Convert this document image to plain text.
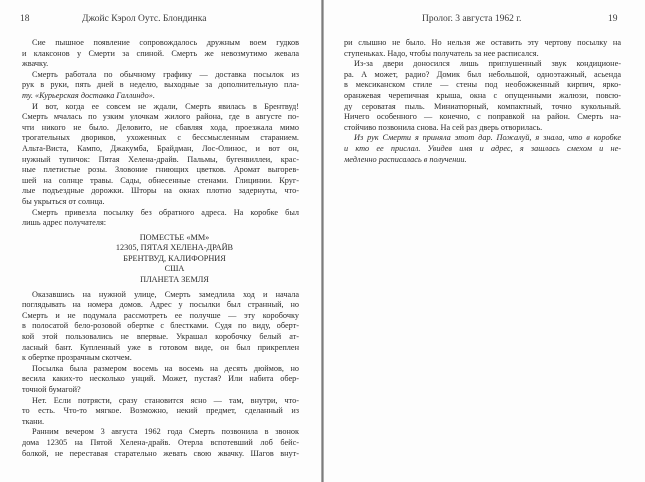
18	Джойс Кэрол Оутс. Блондинка
Сие пышное появление сопровождалось дружным воем гудков
и клаксонов у Смерти за спиной. Смерть же невозмутимо жевала
жвачку.
Смерть работала по обычному графику — доставка посылок из
рук в руки, пять дней в неделю, выходные за дополнительную пла-
ту. «Курьерская доставка Галлиндо».
И вот, когда ее совсем не ждали, Смерть явилась в Брентвуд!
Смерть мчалась по узким улочкам жилого района, где в августе по-
чти никого не было. Деловито, не сбавляя хода, проезжала мимо
трогательных двориков, ухоженных с бессмысленным старанием.
Альта-Виста, Кампо, Джакумба, Брайдман, Лос-Олинос, и вот он,
нужный тупичок: Пятая Хелена-драйв. Пальмы, бугенвиллеи, крас-
ные плетистые розы. Зловоние гниющих цветков. Аромат выгорев-
шей на солнце травы. Сады, обнесенные стенами. Глицинии. Круг-
лые подъездные дорожки. Шторы на окнах плотно задернуты, что-
бы укрыться от солнца.
Смерть привезла посылку без обратного адреса. На коробке был
лишь адрес получателя:
ПОМЕСТЬЕ «ММ»
12305, ПЯТАЯ ХЕЛЕНА-ДРАЙВ
БРЕНТВУД, КАЛИФОРНИЯ
США
ПЛАНЕТА ЗЕМЛЯ
Оказавшись на нужной улице, Смерть замедлила ход и начала
поглядывать на номера домов. Адрес у посылки был странный, но
Смерть и не подумала рассмотреть ее получше — эту коробочку
в полосатой бело-розовой обертке с блестками. Судя по виду, оберт-
кой этой пользовались не впервые. Украшал коробочку белый ат-
ласный бант. Купленный уже в готовом виде, он был прикреплен
к обертке прозрачным скотчем.
Посылка была размером восемь на восемь на десять дюймов, но
весила каких-то несколько унций. Может, пустая? Или набита обер-
точной бумагой?
Нет. Если потрясти, сразу становится ясно — там, внутри, что-
то есть. Что-то мягкое. Возможно, некий предмет, сделанный из
ткани.
Ранним вечером 3 августа 1962 года Смерть позвонила в звонок
дома 12305 на Пятой Хелена-драйв. Отерла вспотевший лоб бейс-
болкой, не переставая старательно жевать свою жвачку. Шагов внут-
Пролог. 3 августа 1962 г.	19
ри слышно не было. Но нельзя же оставить эту чертову посылку на
ступеньках. Надо, чтобы получатель за нее расписался.
Из-за двери доносился лишь приглушенный звук кондиционе-
ра. А может, радио? Домик был небольшой, одноэтажный, асьенда
в мексиканском стиле — стены под необожженный кирпич, ярко-
оранжевая черепичная крыша, окна с опущенными жалюзи, повсю-
ду сероватая пыль. Миниатюрный, компактный, точно кукольный.
Ничего особенного — конечно, с поправкой на район. Смерть на-
стойчиво позвонила снова. На сей раз дверь отворилась.
Из рук Смерти я приняла этот дар. Пожалуй, я знала, что в коробке
и кто ее прислал. Увидев имя и адрес, я зашлась смехом и не-
медленно расписалась в получении.
